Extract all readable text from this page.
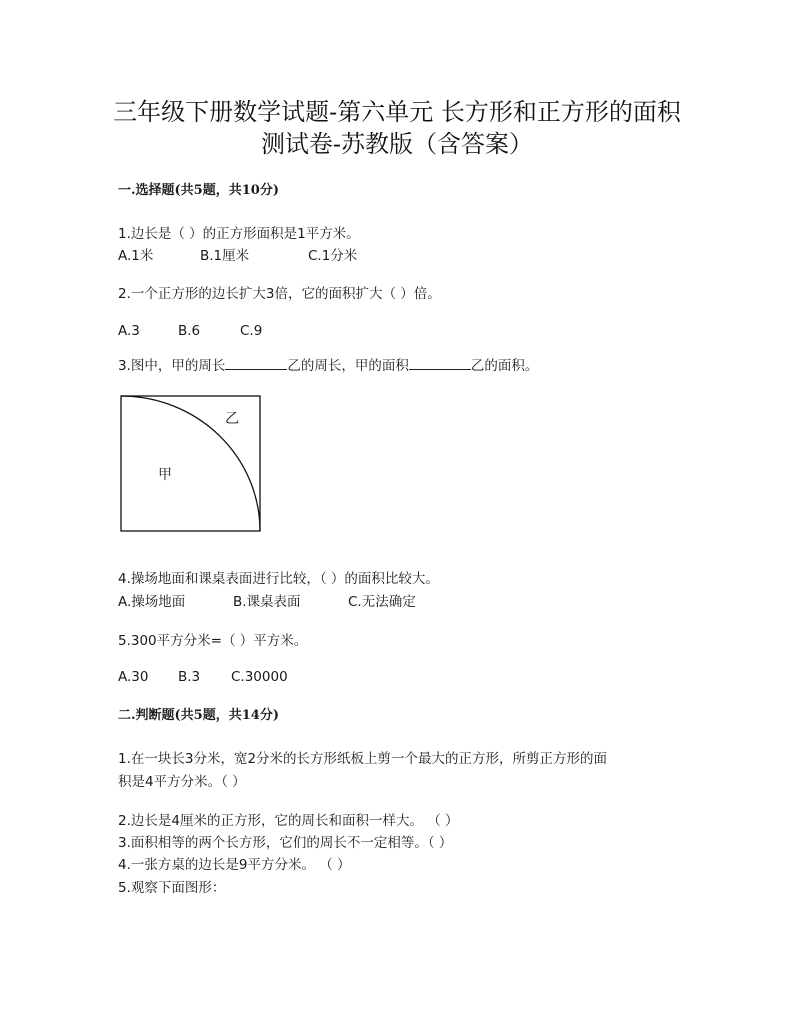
三年级下册数学试题-第六单元 长方形和正方形的面积
测试卷-苏教版（含答案）
一.选择题(共5题，共10分)
1.边长是（ ）的正方形面积是1平方米。
A.1米	B.1厘米	C.1分米
2.一个正方形的边长扩大3倍，它的面积扩大（ ）倍。
A.3	B.6	C.9
3.图中，甲的周长	乙的周长，甲的面积	乙的面积。
乙
甲
4.操场地面和课桌表面进行比较，（ ）的面积比较大。
A.操场地面	B.课桌表面	C.无法确定
5.300平方分米=（ ）平方米。
A.30 B.3 C.30000
二.判断题(共5题，共14分)
1.在一块长3分米，宽2分米的长方形纸板上剪一个最大的正方形，所剪正方形的面
积是4平方分米。（ ）
2.边长是4厘米的正方形，它的周长和面积一样大。 （ ）
3.面积相等的两个长方形，它们的周长不一定相等。（ ）
4.一张方桌的边长是9平方分米。 （ ）
5.观察下面图形：
